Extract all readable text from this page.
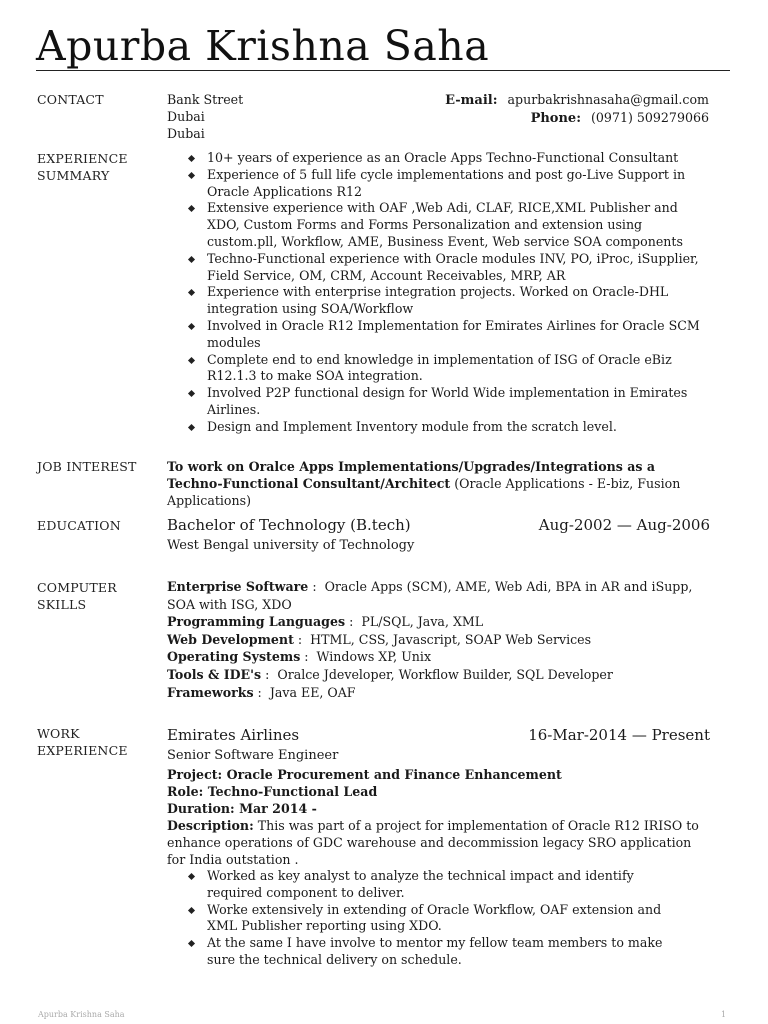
Apurba Krishna Saha
CONTACT	Bank Street
Dubai
Dubai
E-mail: apurbakrishnasaha@gmail.com
Phone: (0971) 509279066
EXPERIENCE
SUMMARY
10+ years of experience as an Oracle Apps Techno-Functional Consultant
Experience of 5 full life cycle implementations and post go-Live Support in Oracle Applications R12
Extensive experience with OAF ,Web Adi, CLAF, RICE,XML Publisher and XDO, Custom Forms and Forms Personalization and extension using custom.pll, Workflow, AME, Business Event, Web service SOA components
Techno-Functional experience with Oracle modules INV, PO, iProc, iSupplier, Field Service, OM, CRM, Account Receivables, MRP, AR
Experience with enterprise integration projects. Worked on Oracle-DHL integration using SOA/Workflow
Involved in Oracle R12 Implementation for Emirates Airlines for Oracle SCM modules
Complete end to end knowledge in implementation of ISG of Oracle eBiz R12.1.3 to make SOA integration.
Involved P2P functional design for World Wide implementation in Emirates Airlines.
Design and Implement Inventory module from the scratch level.
JOB INTEREST To work on Oralce Apps Implementations/Upgrades/Integrations as a Techno-Functional Consultant/Architect (Oracle Applications - E-biz, Fusion Applications)
EDUCATION	Bachelor of Technology (B.tech)	Aug-2002 — Aug-2006
West Bengal university of Technology
COMPUTER
SKILLS
Enterprise Software :  Oracle Apps (SCM), AME, Web Adi, BPA in AR and iSupp, SOA with ISG, XDO
Programming Languages :  PL/SQL, Java, XML
Web Development :  HTML, CSS, Javascript, SOAP Web Services
Operating Systems :  Windows XP, Unix
Tools & IDE's :  Oralce Jdeveloper, Workflow Builder, SQL Developer
Frameworks :  Java EE, OAF
WORK
EXPERIENCE
Emirates Airlines	16-Mar-2014 — Present
Senior Software Engineer
Project: Oracle Procurement and Finance Enhancement
Role: Techno-Functional Lead
Duration: Mar 2014 -
Description: This was part of a project for implementation of Oracle R12 IRISO to enhance operations of GDC warehouse and decommission legacy SRO application for India outstation .
Worked as key analyst to analyze the technical impact and identify required component to deliver.
Worke extensively in extending of Oracle Workflow, OAF extension and XML Publisher reporting using XDO.
At the same I have involve to mentor my fellow team members to make sure the technical delivery on schedule.
Apurba Krishna Saha	1
